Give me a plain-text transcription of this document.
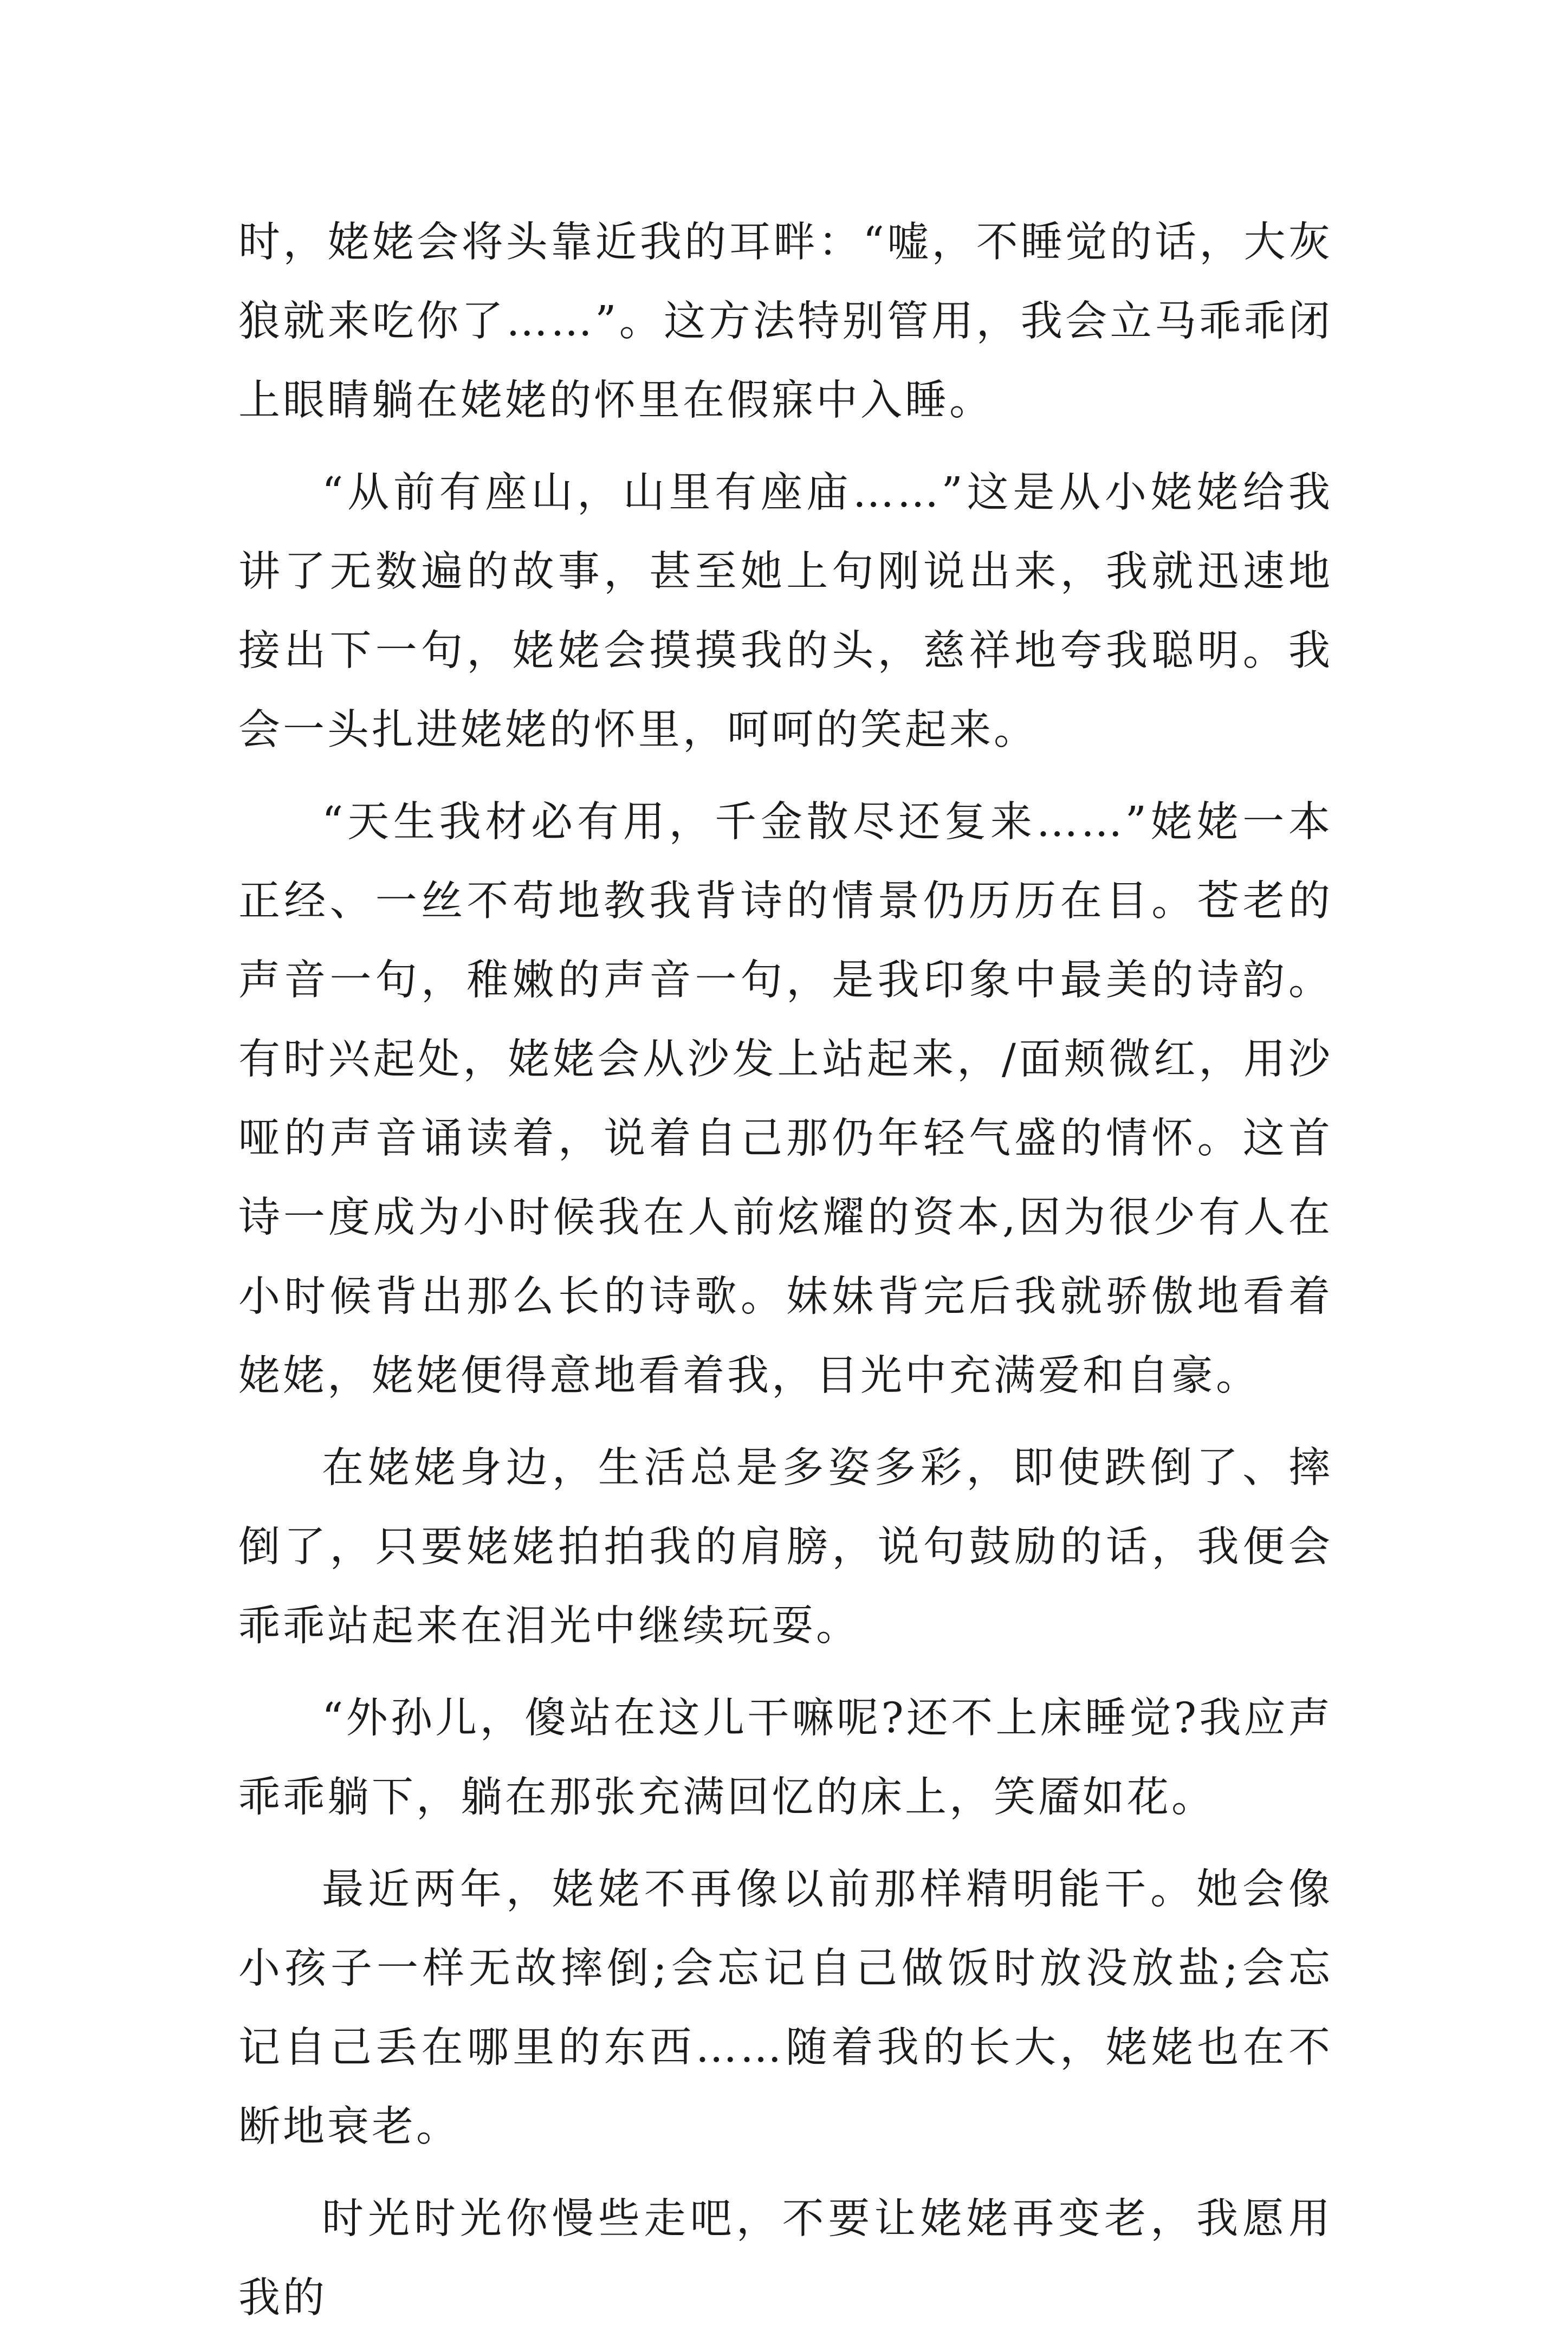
时，姥姥会将头靠近我的耳畔：“嘘，不睡觉的话，大灰狼就来吃你了……”。这方法特别管用，我会立马乖乖闭上眼睛躺在姥姥的怀里在假寐中入睡。

“从前有座山，山里有座庙……”这是从小姥姥给我讲了无数遍的故事，甚至她上句刚说出来，我就迅速地接出下一句，姥姥会摸摸我的头，慈祥地夸我聪明。我会一头扎进姥姥的怀里，呵呵的笑起来。

“天生我材必有用，千金散尽还复来……”姥姥一本正经、一丝不苟地教我背诗的情景仍历历在目。苍老的声音一句，稚嫩的声音一句，是我印象中最美的诗韵。有时兴起处，姥姥会从沙发上站起来，/面颊微红，用沙哑的声音诵读着，说着自己那仍年轻气盛的情怀。这首诗一度成为小时候我在人前炫耀的资本,因为很少有人在小时候背出那么长的诗歌。妹妹背完后我就骄傲地看着姥姥，姥姥便得意地看着我，目光中充满爱和自豪。

在姥姥身边，生活总是多姿多彩，即使跌倒了、摔倒了，只要姥姥拍拍我的肩膀，说句鼓励的话，我便会乖乖站起来在泪光中继续玩耍。

“外孙儿，傻站在这儿干嘛呢?还不上床睡觉?我应声乖乖躺下，躺在那张充满回忆的床上，笑靥如花。

最近两年，姥姥不再像以前那样精明能干。她会像小孩子一样无故摔倒;会忘记自己做饭时放没放盐;会忘记自己丢在哪里的东西……随着我的长大，姥姥也在不断地衰老。

时光时光你慢些走吧，不要让姥姥再变老，我愿用我的
